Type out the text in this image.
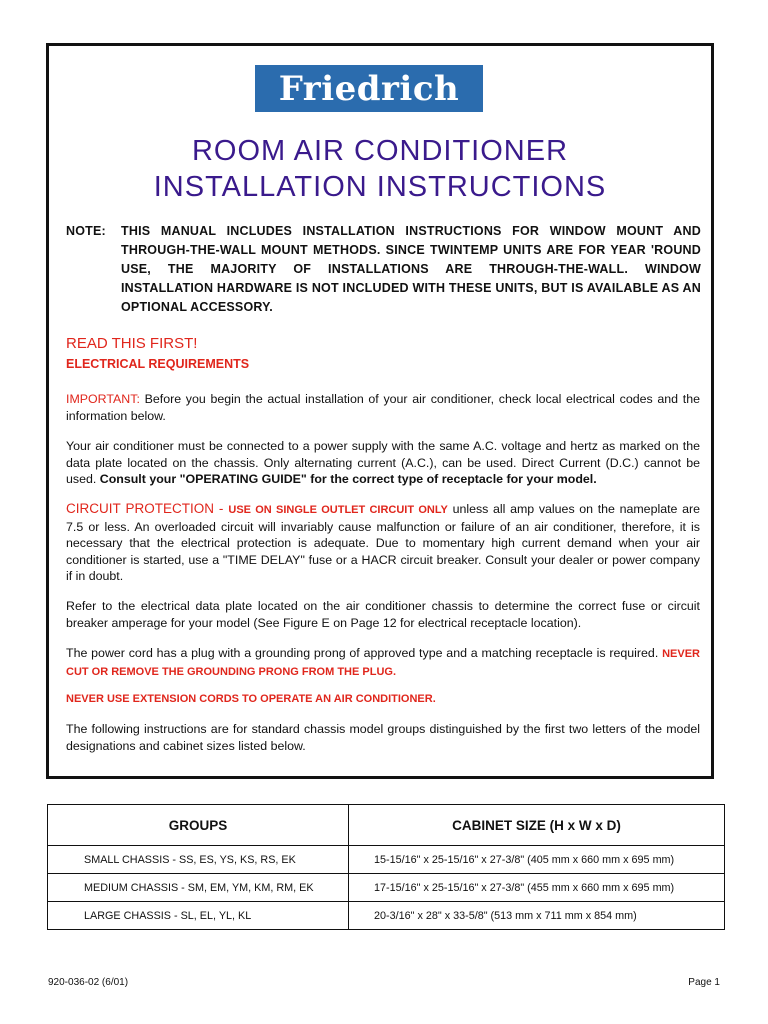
Friedrich
ROOM AIR CONDITIONER
INSTALLATION INSTRUCTIONS
NOTE: THIS MANUAL INCLUDES INSTALLATION INSTRUCTIONS FOR WINDOW MOUNT AND THROUGH-THE-WALL MOUNT METHODS. SINCE TWINTEMP UNITS ARE FOR YEAR 'ROUND USE, THE MAJORITY OF INSTALLATIONS ARE THROUGH-THE-WALL. WINDOW INSTALLATION HARDWARE IS NOT INCLUDED WITH THESE UNITS, BUT IS AVAILABLE AS AN OPTIONAL ACCESSORY.
READ THIS FIRST!
ELECTRICAL REQUIREMENTS
IMPORTANT: Before you begin the actual installation of your air conditioner, check local electrical codes and the information below.
Your air conditioner must be connected to a power supply with the same A.C. voltage and hertz as marked on the data plate located on the chassis. Only alternating current (A.C.), can be used. Direct Current (D.C.) cannot be used. Consult your "OPERATING GUIDE" for the correct type of receptacle for your model.
CIRCUIT PROTECTION - USE ON SINGLE OUTLET CIRCUIT ONLY unless all amp values on the nameplate are 7.5 or less. An overloaded circuit will invariably cause malfunction or failure of an air conditioner, therefore, it is necessary that the electrical protection is adequate. Due to momentary high current demand when your air conditioner is started, use a "TIME DELAY" fuse or a HACR circuit breaker. Consult your dealer or power company if in doubt.
Refer to the electrical data plate located on the air conditioner chassis to determine the correct fuse or circuit breaker amperage for your model (See Figure E on Page 12 for electrical receptacle location).
The power cord has a plug with a grounding prong of approved type and a matching receptacle is required. NEVER CUT OR REMOVE THE GROUNDING PRONG FROM THE PLUG.
NEVER USE EXTENSION CORDS TO OPERATE AN AIR CONDITIONER.
The following instructions are for standard chassis model groups distinguished by the first two letters of the model designations and cabinet sizes listed below.
GROUPS	CABINET SIZE (H x W x D)
SMALL CHASSIS - SS, ES, YS, KS, RS, EK	15-15/16" x 25-15/16" x 27-3/8" (405 mm x 660 mm x 695 mm)
MEDIUM CHASSIS - SM, EM, YM, KM, RM, EK	17-15/16" x 25-15/16" x 27-3/8" (455 mm x 660 mm x 695 mm)
LARGE CHASSIS - SL, EL, YL, KL	20-3/16" x 28" x 33-5/8" (513 mm x 711 mm x 854 mm)
920-036-02 (6/01)	Page 1
